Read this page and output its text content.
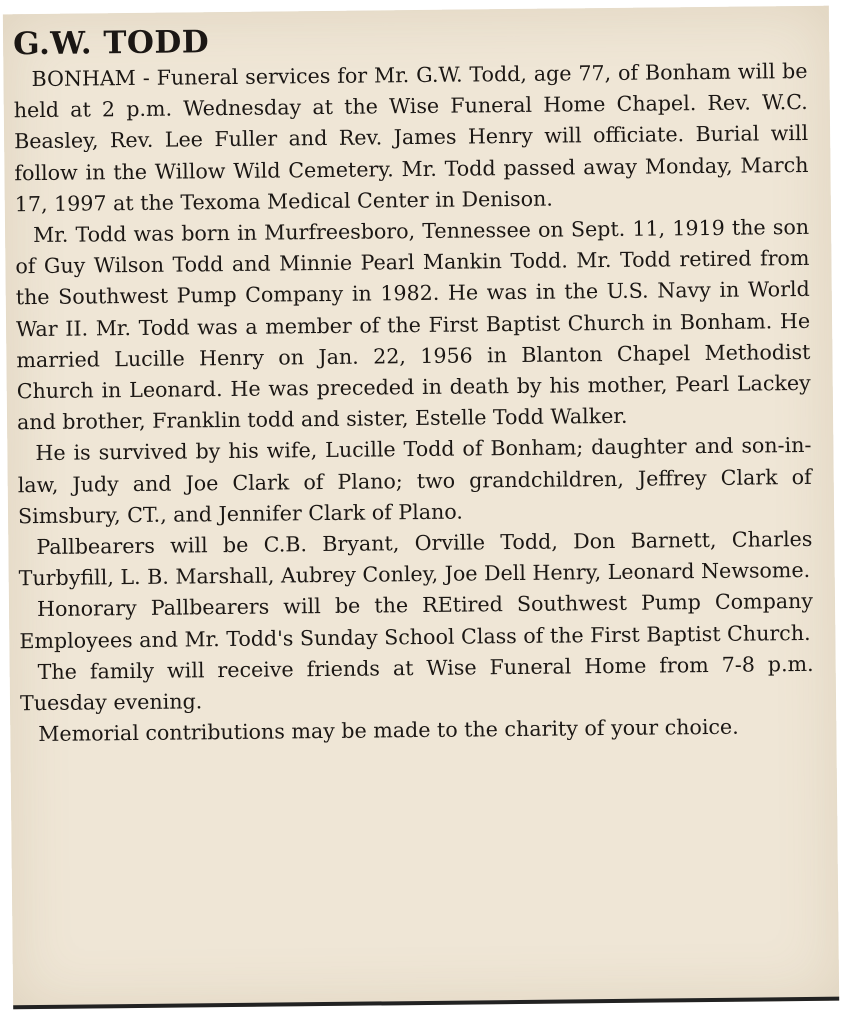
G.W. TODD

BONHAM - Funeral services for Mr. G.W. Todd, age 77, of Bonham will be held at 2 p.m. Wednesday at the Wise Funeral Home Chapel. Rev. W.C. Beasley, Rev. Lee Fuller and Rev. James Henry will officiate. Burial will follow in the Willow Wild Cemetery. Mr. Todd passed away Monday, March 17, 1997 at the Texoma Medical Center in Denison.

Mr. Todd was born in Murfreesboro, Tennessee on Sept. 11, 1919 the son of Guy Wilson Todd and Minnie Pearl Mankin Todd. Mr. Todd retired from the Southwest Pump Company in 1982. He was in the U.S. Navy in World War II. Mr. Todd was a member of the First Baptist Church in Bonham. He married Lucille Henry on Jan. 22, 1956 in Blanton Chapel Methodist Church in Leonard. He was preceded in death by his mother, Pearl Lackey and brother, Franklin todd and sister, Estelle Todd Walker.

He is survived by his wife, Lucille Todd of Bonham; daughter and son-in-law, Judy and Joe Clark of Plano; two grandchildren, Jeffrey Clark of Simsbury, CT., and Jennifer Clark of Plano.

Pallbearers will be C.B. Bryant, Orville Todd, Don Barnett, Charles Turbyfill, L. B. Marshall, Aubrey Conley, Joe Dell Henry, Leonard Newsome.

Honorary Pallbearers will be the REtired Southwest Pump Company Employees and Mr. Todd's Sunday School Class of the First Baptist Church.

The family will receive friends at Wise Funeral Home from 7-8 p.m. Tuesday evening.

Memorial contributions may be made to the charity of your choice.
